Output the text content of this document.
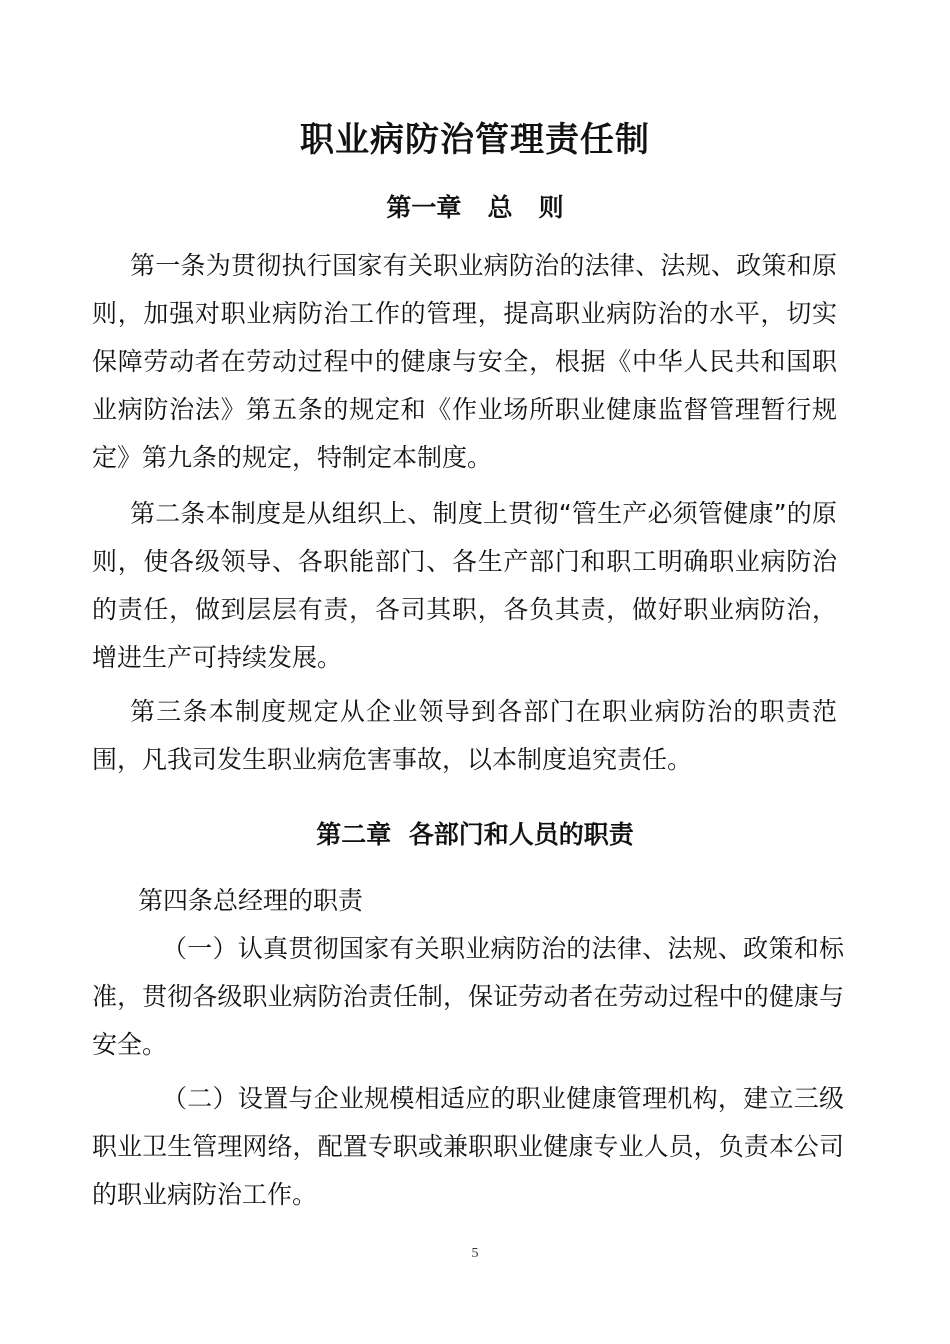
职业病防治管理责任制
第一章   总   则

第一条为贯彻执行国家有关职业病防治的法律、法规、政策和原则，加强对职业病防治工作的管理，提高职业病防治的水平，切实保障劳动者在劳动过程中的健康与安全，根据《中华人民共和国职业病防治法》第五条的规定和《作业场所职业健康监督管理暂行规定》第九条的规定，特制定本制度。

第二条本制度是从组织上、制度上贯彻“管生产必须管健康”的原则，使各级领导、各职能部门、各生产部门和职工明确职业病防治的责任，做到层层有责，各司其职，各负其责，做好职业病防治，增进生产可持续发展。

第三条本制度规定从企业领导到各部门在职业病防治的职责范围，凡我司发生职业病危害事故，以本制度追究责任。

第二章  各部门和人员的职责

第四条总经理的职责

（一）认真贯彻国家有关职业病防治的法律、法规、政策和标准，贯彻各级职业病防治责任制，保证劳动者在劳动过程中的健康与安全。

（二）设置与企业规模相适应的职业健康管理机构，建立三级职业卫生管理网络，配置专职或兼职职业健康专业人员，负责本公司的职业病防治工作。

5
